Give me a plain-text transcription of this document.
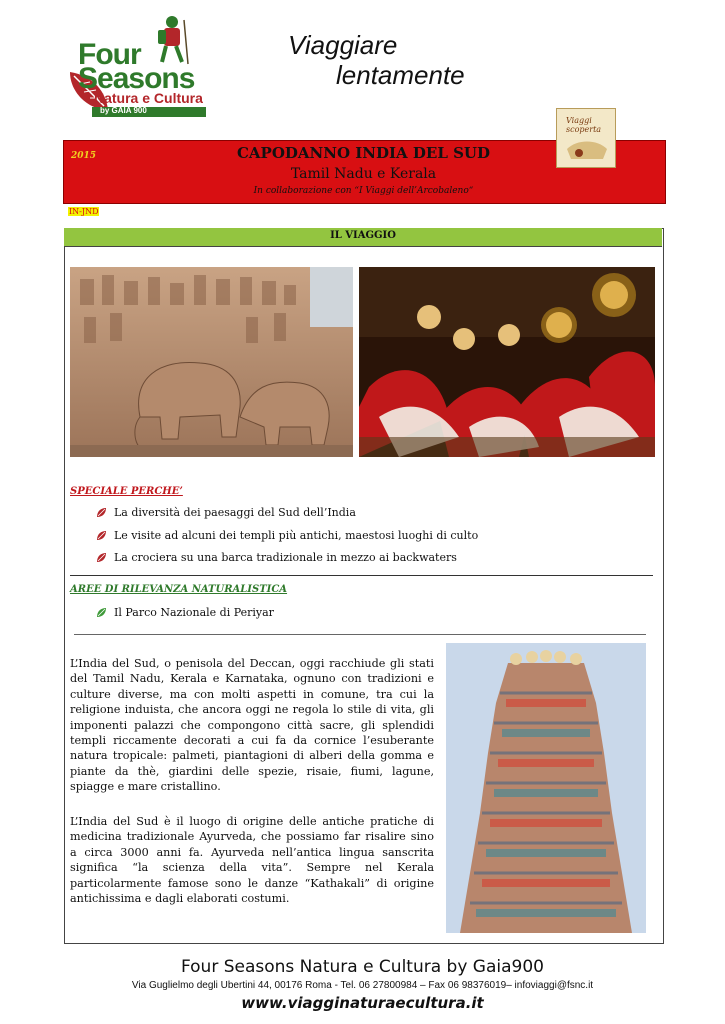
Four
Seasons
Natura e Cultura
by GAIA 900
Viaggiare
lentamente
2015	CAPODANNO INDIA DEL SUD
Tamil Nadu e Kerala
In collaborazione con “I Viaggi dell’Arcobaleno“
IN-JND
Viaggi scoperta
IL VIAGGIO
SPECIALE PERCHE’
La diversità dei paesaggi del Sud dell’India
Le visite ad alcuni dei templi più antichi, maestosi luoghi di culto
La crociera su una barca tradizionale in mezzo ai backwaters
AREE DI RILEVANZA NATURALISTICA
Il Parco Nazionale di Periyar
L’India del Sud, o penisola del Deccan, oggi racchiude gli stati del Tamil Nadu, Kerala e Karnataka, ognuno con tradizioni e culture diverse, ma con molti aspetti in comune, tra cui la religione induista, che ancora oggi ne regola lo stile di vita, gli imponenti palazzi che compongono città sacre, gli splendidi templi riccamente decorati a cui fa da cornice l’esuberante natura tropicale: palmeti, piantagioni di alberi della gomma e piante da thè, giardini delle spezie, risaie, fiumi, lagune, spiagge e mare cristallino.
L’India del Sud è il luogo di origine delle antiche pratiche di medicina tradizionale Ayurveda, che possiamo far risalire sino a circa 3000 anni fa. Ayurveda nell’antica lingua sanscrita significa “la scienza della vita”. Sempre nel Kerala particolarmente famose sono le danze “Kathakali” di origine antichissima e dagli elaborati costumi.
Four Seasons Natura e Cultura by Gaia900
Via Guglielmo degli Ubertini 44, 00176 Roma - Tel. 06 27800984 – Fax 06 98376019– infoviaggi@fsnc.it
www.viagginaturaecultura.it
